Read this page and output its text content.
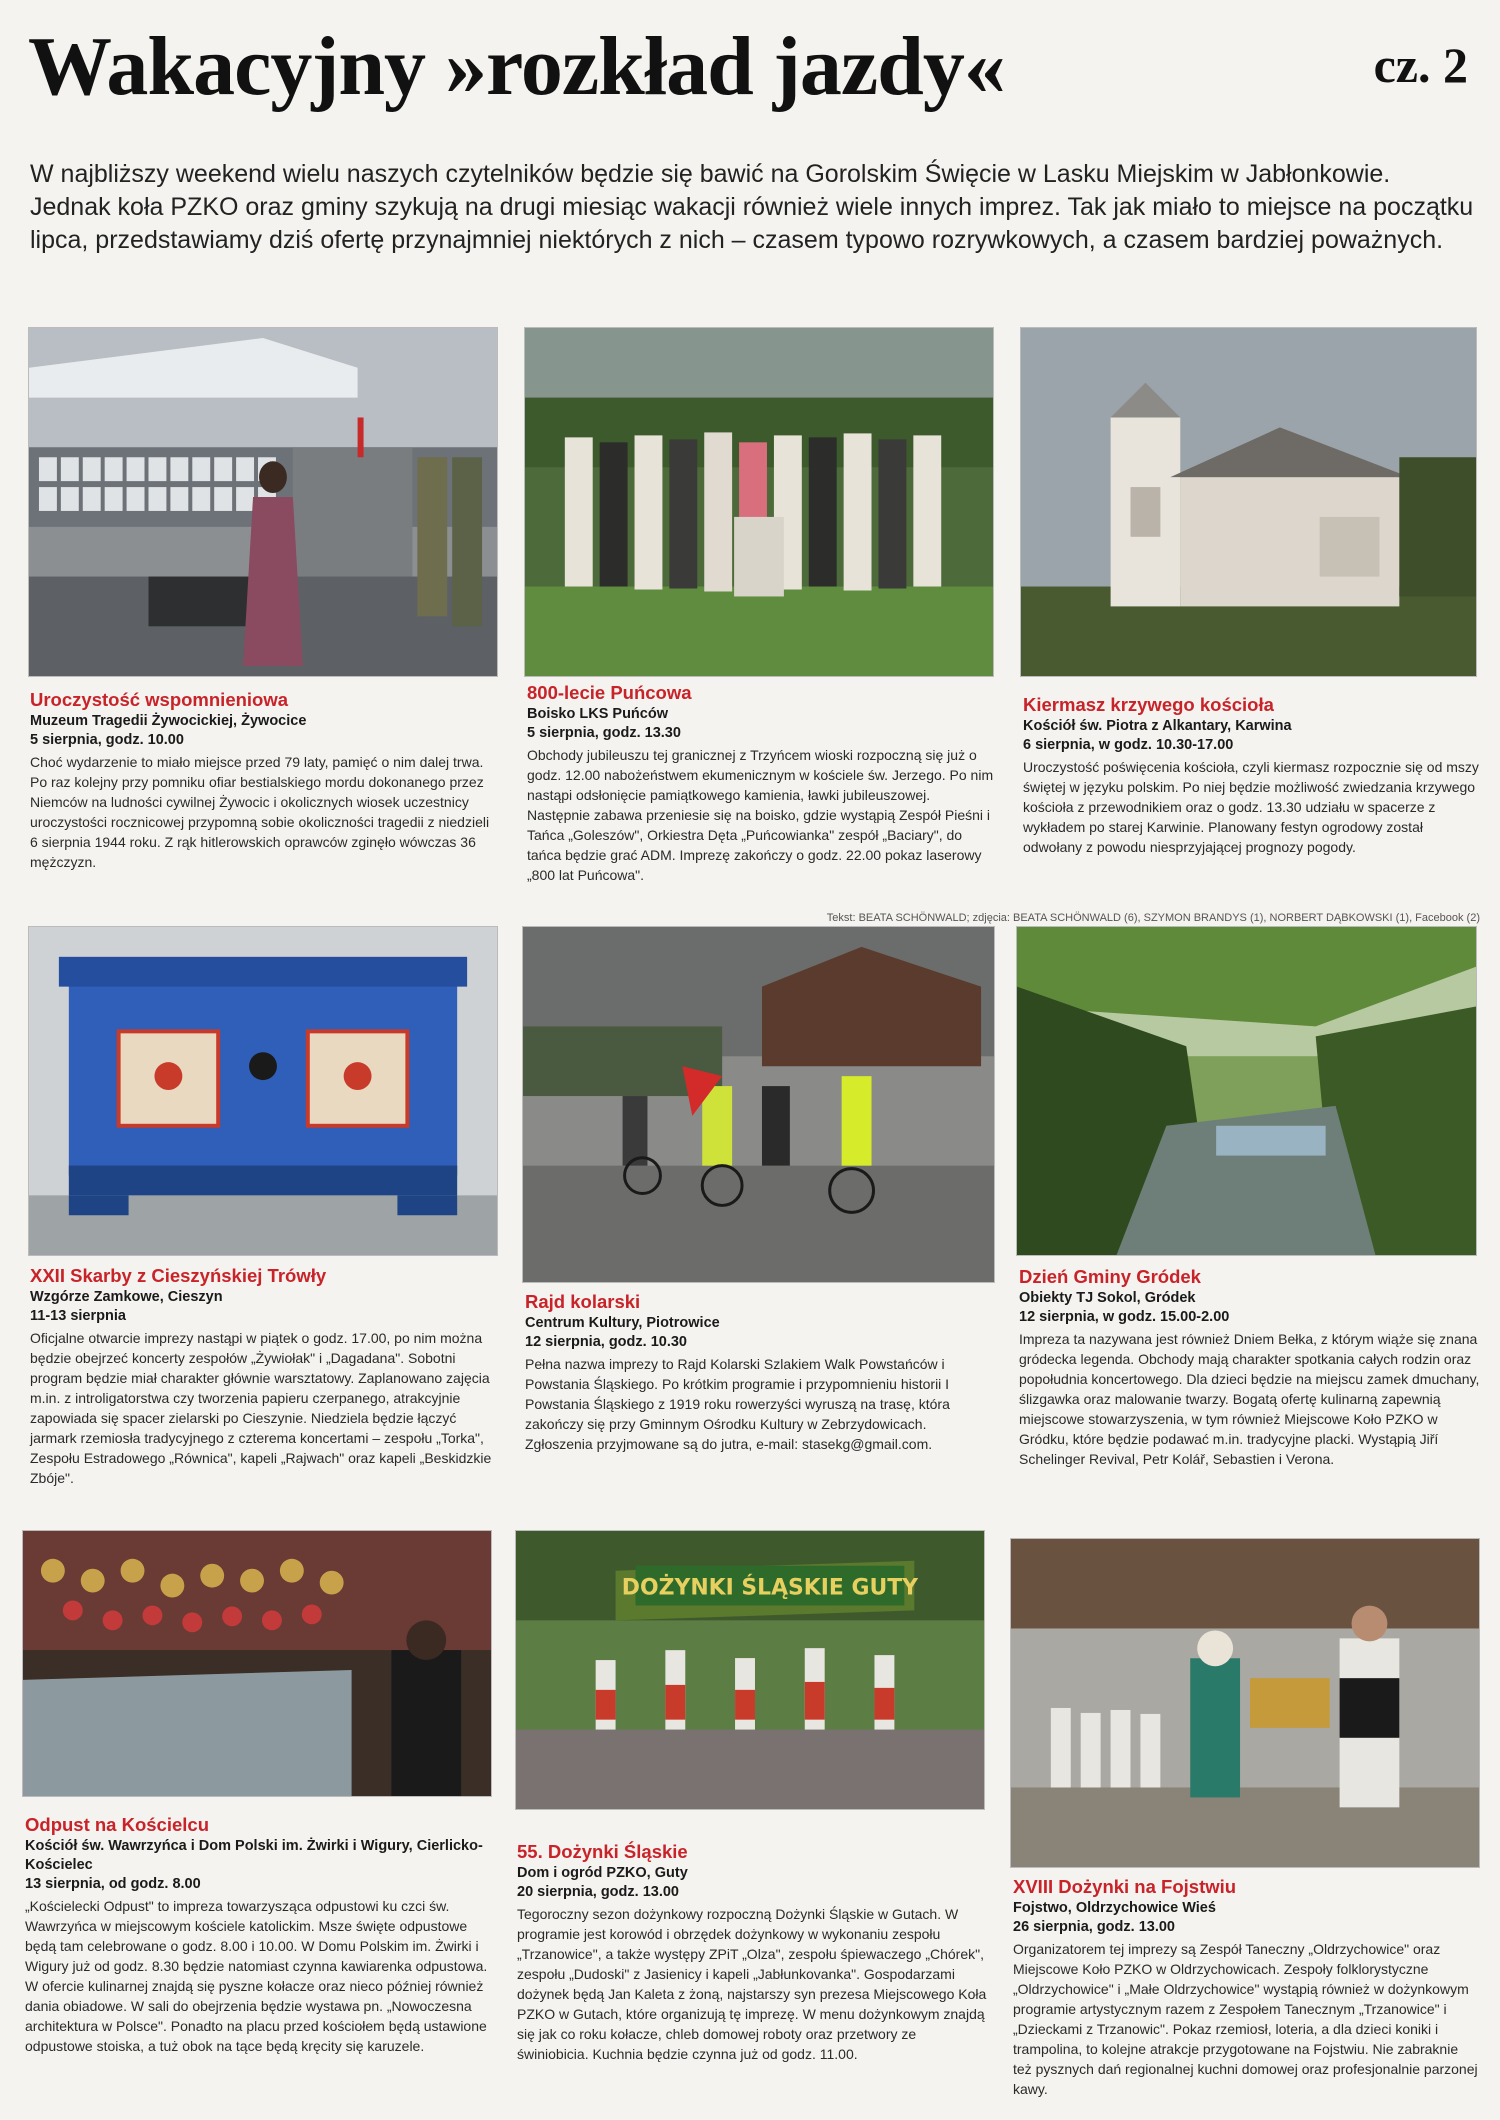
Wakacyjny »rozkład jazdy«	cz. 2
W najbliższy weekend wielu naszych czytelników będzie się bawić na Gorolskim Święcie w Lasku Miejskim w Jabłonkowie. Jednak koła PZKO oraz gminy szykują na drugi miesiąc wakacji również wiele innych imprez. Tak jak miało to miejsce na początku lipca, przedstawiamy dziś ofertę przynajmniej niektórych z nich – czasem typowo rozrywkowych, a czasem bardziej poważnych.
Uroczystość wspomnieniowa
Muzeum Tragedii Żywocickiej, Żywocice
5 sierpnia, godz. 10.00
Choć wydarzenie to miało miejsce przed 79 laty, pamięć o nim dalej trwa. Po raz kolejny przy pomniku ofiar bestialskiego mordu dokonanego przez Niemców na ludności cywilnej Żywocic i okolicznych wiosek uczestnicy uroczystości rocznicowej przypomną sobie okoliczności tragedii z niedzieli 6 sierpnia 1944 roku. Z rąk hitlerowskich oprawców zginęło wówczas 36 mężczyzn.
800-lecie Puńcowa
Boisko LKS Puńców
5 sierpnia, godz. 13.30
Obchody jubileuszu tej granicznej z Trzyńcem wioski rozpoczną się już o godz. 12.00 nabożeństwem ekumenicznym w kościele św. Jerzego. Po nim nastąpi odsłonięcie pamiątkowego kamienia, ławki jubileuszowej. Następnie zabawa przeniesie się na boisko, gdzie wystąpią Zespół Pieśni i Tańca „Goleszów", Orkiestra Dęta „Puńcowianka" zespół „Baciary", do tańca będzie grać ADM. Imprezę zakończy o godz. 22.00 pokaz laserowy „800 lat Puńcowa".
Kiermasz krzywego kościoła
Kościół św. Piotra z Alkantary, Karwina
6 sierpnia, w godz. 10.30-17.00
Uroczystość poświęcenia kościoła, czyli kiermasz rozpocznie się od mszy świętej w języku polskim. Po niej będzie możliwość zwiedzania krzywego kościoła z przewodnikiem oraz o godz. 13.30 udziału w spacerze z wykładem po starej Karwinie. Planowany festyn ogrodowy został odwołany z powodu niesprzyjającej prognozy pogody.
Tekst: BEATA SCHÖNWALD; zdjęcia: BEATA SCHÖNWALD (6), SZYMON BRANDYS (1), NORBERT DĄBKOWSKI (1), Facebook (2)
XXII Skarby z Cieszyńskiej Trówły
Wzgórze Zamkowe, Cieszyn
11-13 sierpnia
Oficjalne otwarcie imprezy nastąpi w piątek o godz. 17.00, po nim można będzie obejrzeć koncerty zespołów „Żywiołak" i „Dagadana". Sobotni program będzie miał charakter głównie warsztatowy. Zaplanowano zajęcia m.in. z introligatorstwa czy tworzenia papieru czerpanego, atrakcyjnie zapowiada się spacer zielarski po Cieszynie. Niedziela będzie łączyć jarmark rzemiosła tradycyjnego z czterema koncertami – zespołu „Torka", Zespołu Estradowego „Równica", kapeli „Rajwach" oraz kapeli „Beskidzkie Zbóje".
Rajd kolarski
Centrum Kultury, Piotrowice
12 sierpnia, godz. 10.30
Pełna nazwa imprezy to Rajd Kolarski Szlakiem Walk Powstańców i Powstania Śląskiego. Po krótkim programie i przypomnieniu historii I Powstania Śląskiego z 1919 roku rowerzyści wyruszą na trasę, która zakończy się przy Gminnym Ośrodku Kultury w Zebrzydowicach. Zgłoszenia przyjmowane są do jutra, e-mail: stasekg@gmail.com.
Dzień Gminy Gródek
Obiekty TJ Sokol, Gródek
12 sierpnia, w godz. 15.00-2.00
Impreza ta nazywana jest również Dniem Bełka, z którym wiąże się znana gródecka legenda. Obchody mają charakter spotkania całych rodzin oraz popołudnia koncertowego. Dla dzieci będzie na miejscu zamek dmuchany, ślizgawka oraz malowanie twarzy. Bogatą ofertę kulinarną zapewnią miejscowe stowarzyszenia, w tym również Miejscowe Koło PZKO w Gródku, które będzie podawać m.in. tradycyjne placki. Wystąpią Jiří Schelinger Revival, Petr Kolář, Sebastien i Verona.
DOŻYNKI ŚLĄSKIE GUTY
Odpust na Kościelcu
Kościół św. Wawrzyńca i Dom Polski im. Żwirki i Wigury, Cierlicko-Kościelec
13 sierpnia, od godz. 8.00
„Kościelecki Odpust" to impreza towarzysząca odpustowi ku czci św. Wawrzyńca w miejscowym kościele katolickim. Msze święte odpustowe będą tam celebrowane o godz. 8.00 i 10.00. W Domu Polskim im. Żwirki i Wigury już od godz. 8.30 będzie natomiast czynna kawiarenka odpustowa. W ofercie kulinarnej znajdą się pyszne kołacze oraz nieco później również dania obiadowe. W sali do obejrzenia będzie wystawa pn. „Nowoczesna architektura w Polsce". Ponadto na placu przed kościołem będą ustawione odpustowe stoiska, a tuż obok na tące będą kręcity się karuzele.
55. Dożynki Śląskie
Dom i ogród PZKO, Guty
20 sierpnia, godz. 13.00
Tegoroczny sezon dożynkowy rozpoczną Dożynki Śląskie w Gutach. W programie jest korowód i obrzędek dożynkowy w wykonaniu zespołu „Trzanowice", a także występy ZPiT „Olza", zespołu śpiewaczego „Chórek", zespołu „Dudoski" z Jasienicy i kapeli „Jabłunkovanka". Gospodarzami dożynek będą Jan Kaleta z żoną, najstarszy syn prezesa Miejscowego Koła PZKO w Gutach, które organizują tę imprezę. W menu dożynkowym znajdą się jak co roku kołacze, chleb domowej roboty oraz przetwory ze świniobicia. Kuchnia będzie czynna już od godz. 11.00.
XVIII Dożynki na Fojstwiu
Fojstwo, Oldrzychowice Wieś
26 sierpnia, godz. 13.00
Organizatorem tej imprezy są Zespół Taneczny „Oldrzychowice" oraz Miejscowe Koło PZKO w Oldrzychowicach. Zespoły folklorystyczne „Oldrzychowice" i „Małe Oldrzychowice" wystąpią również w dożynkowym programie artystycznym razem z Zespołem Tanecznym „Trzanowice" i „Dzieckami z Trzanowic". Pokaz rzemiosł, loteria, a dla dzieci koniki i trampolina, to kolejne atrakcje przygotowane na Fojstwiu. Nie zabraknie też pysznych dań regionalnej kuchni domowej oraz profesjonalnie parzonej kawy.
